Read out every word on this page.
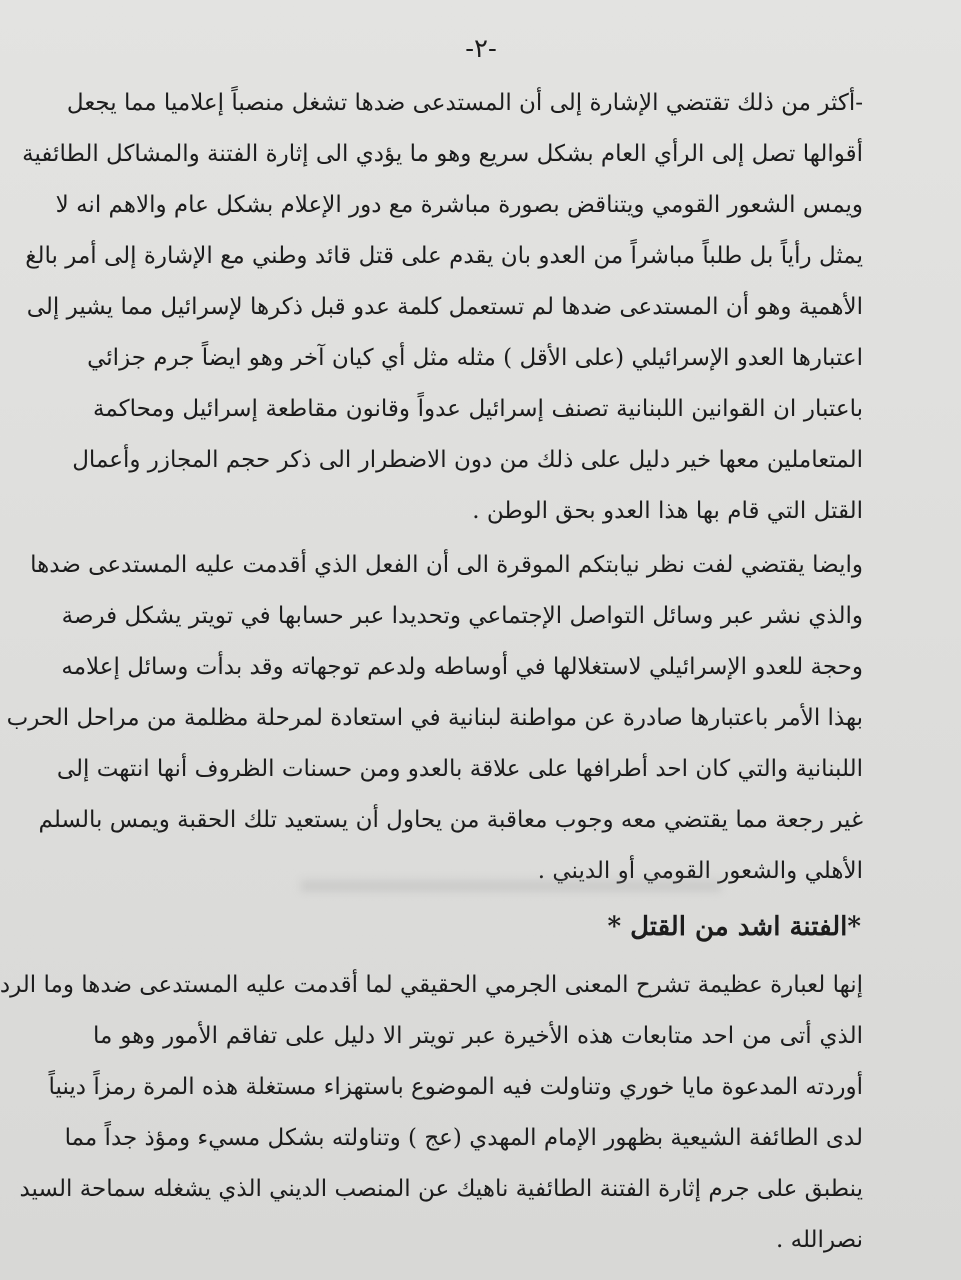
-٢-

-أكثر من ذلك تقتضي الإشارة إلى أن المستدعى ضدها تشغل منصباً إعلاميا مما يجعل
أقوالها تصل إلى الرأي العام بشكل سريع وهو ما يؤدي الى إثارة الفتنة والمشاكل الطائفية
ويمس الشعور القومي ويتناقض بصورة مباشرة مع دور الإعلام بشكل عام والاهم انه لا
يمثل رأياً بل طلباً مباشراً من العدو بان يقدم على قتل قائد وطني مع الإشارة إلى أمر بالغ
الأهمية وهو أن المستدعى ضدها لم تستعمل كلمة عدو قبل ذكرها لإسرائيل مما يشير إلى
اعتبارها العدو الإسرائيلي (على الأقل ) مثله مثل أي كيان آخر وهو ايضاً جرم جزائي
باعتبار ان القوانين اللبنانية تصنف إسرائيل عدواً وقانون مقاطعة إسرائيل ومحاكمة
المتعاملين معها خير دليل على ذلك من دون الاضطرار الى ذكر حجم المجازر وأعمال
القتل التي قام بها هذا العدو بحق الوطن .

وايضا يقتضي لفت نظر نيابتكم الموقرة الى أن الفعل الذي أقدمت عليه المستدعى ضدها
والذي نشر عبر وسائل التواصل الإجتماعي وتحديدا عبر حسابها في تويتر يشكل فرصة
وحجة للعدو الإسرائيلي لاستغلالها في أوساطه ولدعم توجهاته وقد بدأت وسائل إعلامه
بهذا الأمر باعتبارها صادرة عن مواطنة لبنانية في استعادة لمرحلة مظلمة من مراحل الحرب
اللبنانية والتي كان احد أطرافها على علاقة بالعدو ومن حسنات الظروف أنها انتهت إلى
غير رجعة مما يقتضي معه وجوب معاقبة من يحاول أن يستعيد تلك الحقبة ويمس بالسلم
الأهلي والشعور القومي أو الديني .

*الفتنة اشد من القتل *

إنها لعبارة عظيمة تشرح المعنى الجرمي الحقيقي لما أقدمت عليه المستدعى ضدها وما الرد
الذي أتى من احد متابعات هذه الأخيرة عبر تويتر الا دليل على تفاقم الأمور وهو ما
أوردته المدعوة مايا خوري وتناولت فيه الموضوع باستهزاء مستغلة هذه المرة رمزاً دينياً
لدى الطائفة الشيعية بظهور الإمام المهدي (عج ) وتناولته بشكل مسيء ومؤذ جداً مما
ينطبق على جرم إثارة الفتنة الطائفية ناهيك عن المنصب الديني الذي يشغله سماحة السيد
نصرالله .
